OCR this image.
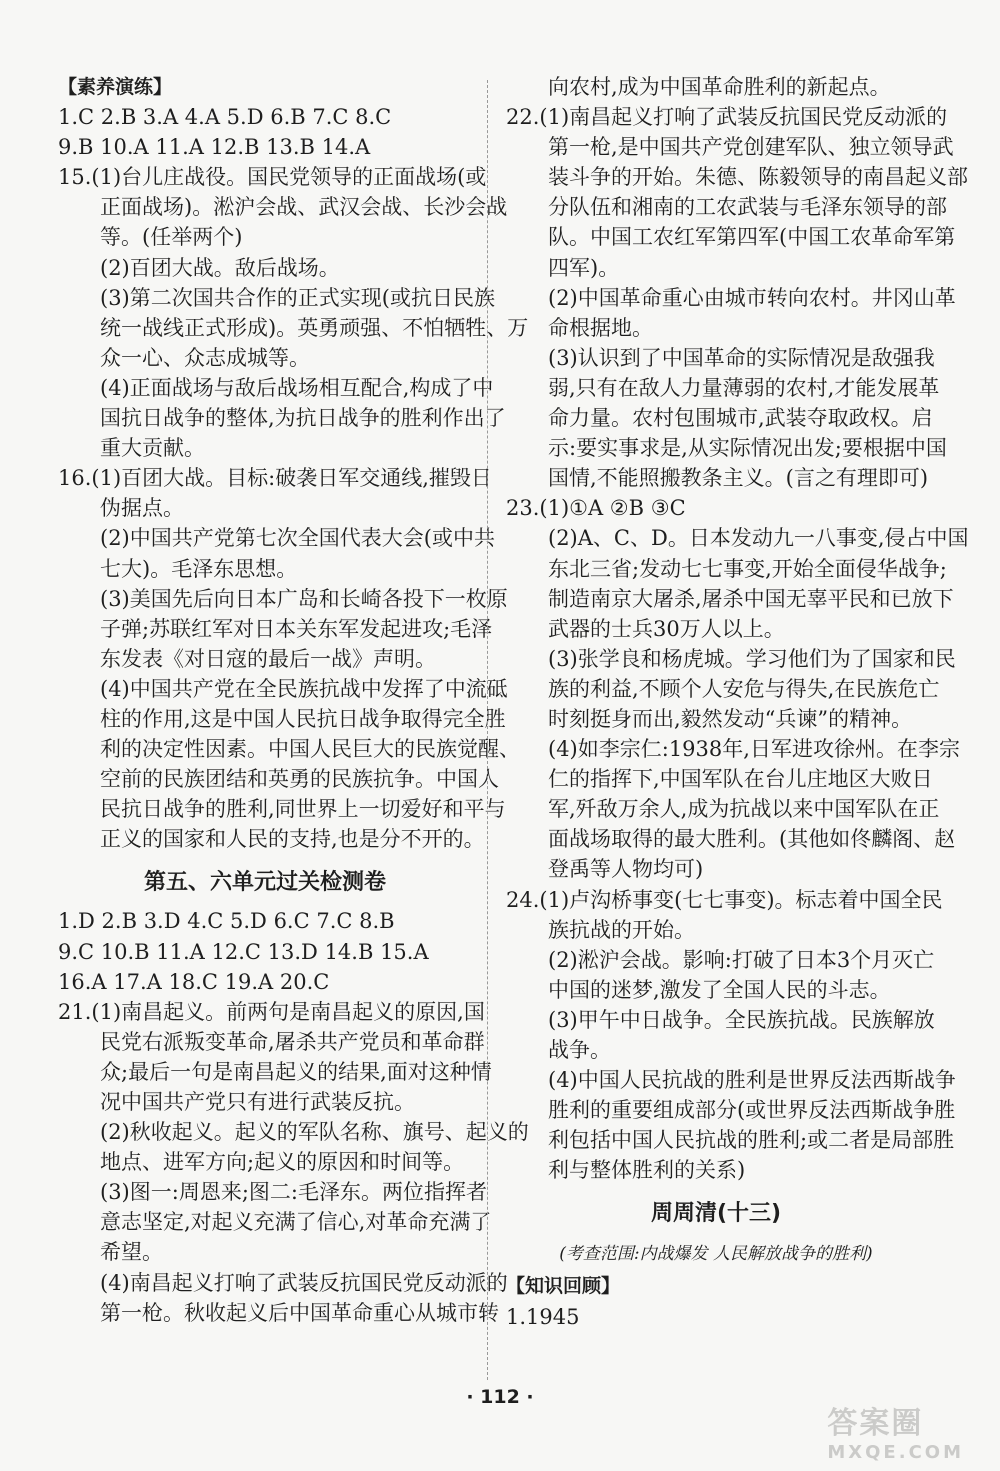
【素养演练】
1.C 2.B 3.A 4.A 5.D 6.B 7.C 8.C
9.B 10.A 11.A 12.B 13.B 14.A
15.(1)台儿庄战役。国民党领导的正面战场(或
正面战场)。淞沪会战、武汉会战、长沙会战
等。(任举两个)
(2)百团大战。敌后战场。
(3)第二次国共合作的正式实现(或抗日民族
统一战线正式形成)。英勇顽强、不怕牺牲、万
众一心、众志成城等。
(4)正面战场与敌后战场相互配合,构成了中
国抗日战争的整体,为抗日战争的胜利作出了
重大贡献。
16.(1)百团大战。目标:破袭日军交通线,摧毁日
伪据点。
(2)中国共产党第七次全国代表大会(或中共
七大)。毛泽东思想。
(3)美国先后向日本广岛和长崎各投下一枚原
子弹;苏联红军对日本关东军发起进攻;毛泽
东发表《对日寇的最后一战》声明。
(4)中国共产党在全民族抗战中发挥了中流砥
柱的作用,这是中国人民抗日战争取得完全胜
利的决定性因素。中国人民巨大的民族觉醒、
空前的民族团结和英勇的民族抗争。中国人
民抗日战争的胜利,同世界上一切爱好和平与
正义的国家和人民的支持,也是分不开的。
第五、六单元过关检测卷
1.D 2.B 3.D 4.C 5.D 6.C 7.C 8.B
9.C 10.B 11.A 12.C 13.D 14.B 15.A
16.A 17.A 18.C 19.A 20.C
21.(1)南昌起义。前两句是南昌起义的原因,国
民党右派叛变革命,屠杀共产党员和革命群
众;最后一句是南昌起义的结果,面对这种情
况中国共产党只有进行武装反抗。
(2)秋收起义。起义的军队名称、旗号、起义的
地点、进军方向;起义的原因和时间等。
(3)图一:周恩来;图二:毛泽东。两位指挥者
意志坚定,对起义充满了信心,对革命充满了
希望。
(4)南昌起义打响了武装反抗国民党反动派的
第一枪。秋收起义后中国革命重心从城市转
向农村,成为中国革命胜利的新起点。
22.(1)南昌起义打响了武装反抗国民党反动派的
第一枪,是中国共产党创建军队、独立领导武
装斗争的开始。朱德、陈毅领导的南昌起义部
分队伍和湘南的工农武装与毛泽东领导的部
队。中国工农红军第四军(中国工农革命军第
四军)。
(2)中国革命重心由城市转向农村。井冈山革
命根据地。
(3)认识到了中国革命的实际情况是敌强我
弱,只有在敌人力量薄弱的农村,才能发展革
命力量。农村包围城市,武装夺取政权。启
示:要实事求是,从实际情况出发;要根据中国
国情,不能照搬教条主义。(言之有理即可)
23.(1)①A ②B ③C
(2)A、C、D。日本发动九一八事变,侵占中国
东北三省;发动七七事变,开始全面侵华战争;
制造南京大屠杀,屠杀中国无辜平民和已放下
武器的士兵30万人以上。
(3)张学良和杨虎城。学习他们为了国家和民
族的利益,不顾个人安危与得失,在民族危亡
时刻挺身而出,毅然发动“兵谏”的精神。
(4)如李宗仁:1938年,日军进攻徐州。在李宗
仁的指挥下,中国军队在台儿庄地区大败日
军,歼敌万余人,成为抗战以来中国军队在正
面战场取得的最大胜利。(其他如佟麟阁、赵
登禹等人物均可)
24.(1)卢沟桥事变(七七事变)。标志着中国全民
族抗战的开始。
(2)淞沪会战。影响:打破了日本3个月灭亡
中国的迷梦,激发了全国人民的斗志。
(3)甲午中日战争。全民族抗战。民族解放
战争。
(4)中国人民抗战的胜利是世界反法西斯战争
胜利的重要组成部分(或世界反法西斯战争胜
利包括中国人民抗战的胜利;或二者是局部胜
利与整体胜利的关系)
周周清(十三)
(考查范围:内战爆发 人民解放战争的胜利)
【知识回顾】
1.1945
· 112 ·
答案圈
MXQE.COM
